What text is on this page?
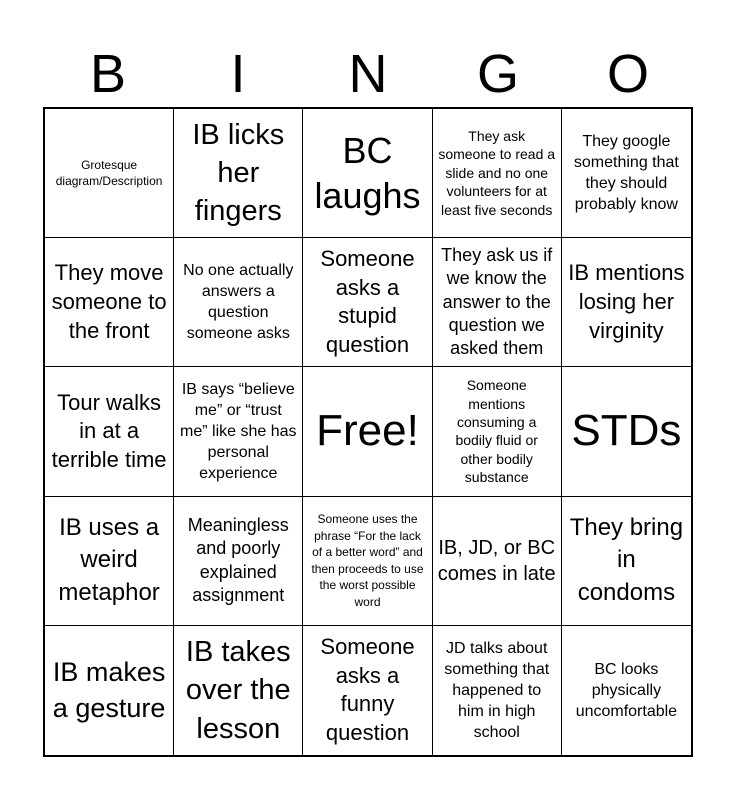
B	I	N	G	O
Grotesque diagram/Description
IB licks her fingers
BC laughs
They ask someone to read a slide and no one volunteers for at least five seconds
They google something that they should probably know
They move someone to the front
No one actually answers a question someone asks
Someone asks a stupid question
They ask us if we know the answer to the question we asked them
IB mentions losing her virginity
Tour walks in at a terrible time
IB says “believe me” or “trust me” like she has personal experience
Free!
Someone mentions consuming a bodily fluid or other bodily substance
STDs
IB uses a weird metaphor
Meaningless and poorly explained assignment
Someone uses the phrase “For the lack of a better word” and then proceeds to use the worst possible word
IB, JD, or BC comes in late
They bring in condoms
IB makes a gesture
IB takes over the lesson
Someone asks a funny question
JD talks about something that happened to him in high school
BC looks physically uncomfortable
